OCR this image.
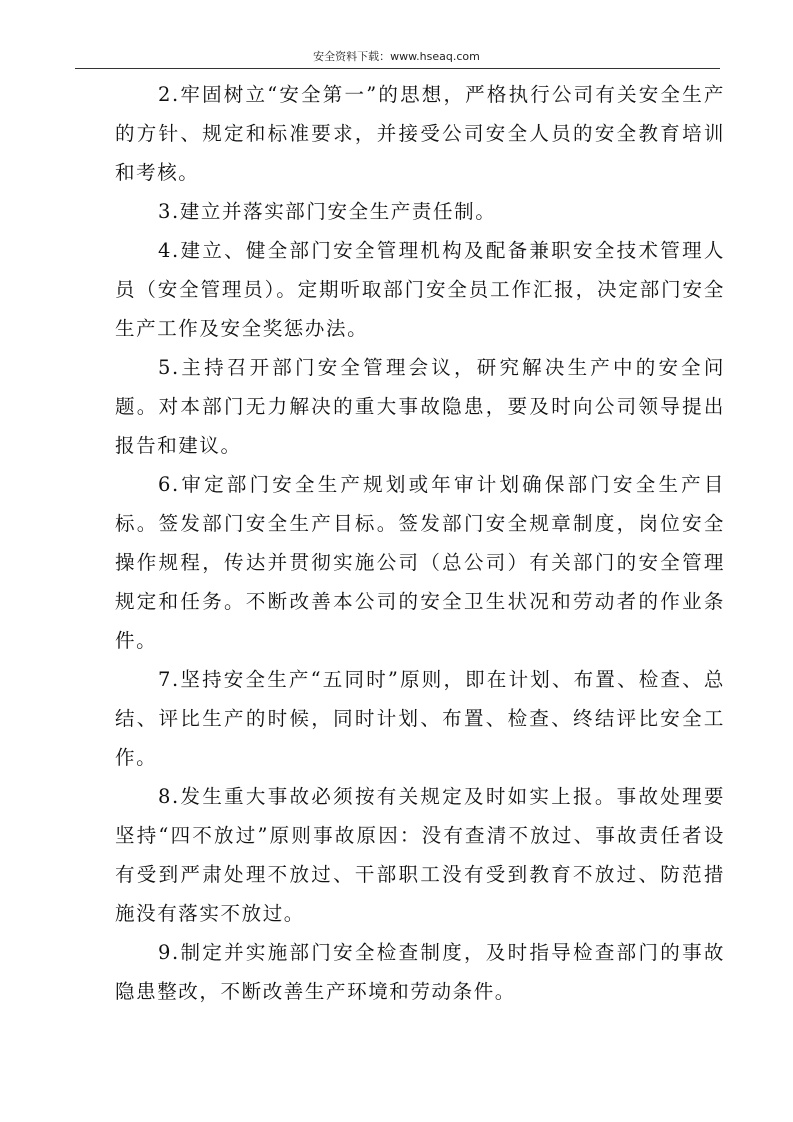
安全资料下载：www.hseaq.com

2.牢固树立“安全第一”的思想，严格执行公司有关安全生产的方针、规定和标准要求，并接受公司安全人员的安全教育培训和考核。

3.建立并落实部门安全生产责任制。

4.建立、健全部门安全管理机构及配备兼职安全技术管理人员（安全管理员）。定期听取部门安全员工作汇报，决定部门安全生产工作及安全奖惩办法。

5.主持召开部门安全管理会议，研究解决生产中的安全问题。对本部门无力解决的重大事故隐患，要及时向公司领导提出报告和建议。

6.审定部门安全生产规划或年审计划确保部门安全生产目标。签发部门安全生产目标。签发部门安全规章制度，岗位安全操作规程，传达并贯彻实施公司（总公司）有关部门的安全管理规定和任务。不断改善本公司的安全卫生状况和劳动者的作业条件。

7.坚持安全生产“五同时”原则，即在计划、布置、检查、总结、评比生产的时候，同时计划、布置、检查、终结评比安全工作。

8.发生重大事故必须按有关规定及时如实上报。事故处理要坚持“四不放过”原则事故原因：没有查清不放过、事故责任者设有受到严肃处理不放过、干部职工没有受到教育不放过、防范措施没有落实不放过。

9.制定并实施部门安全检查制度，及时指导检查部门的事故隐患整改，不断改善生产环境和劳动条件。
